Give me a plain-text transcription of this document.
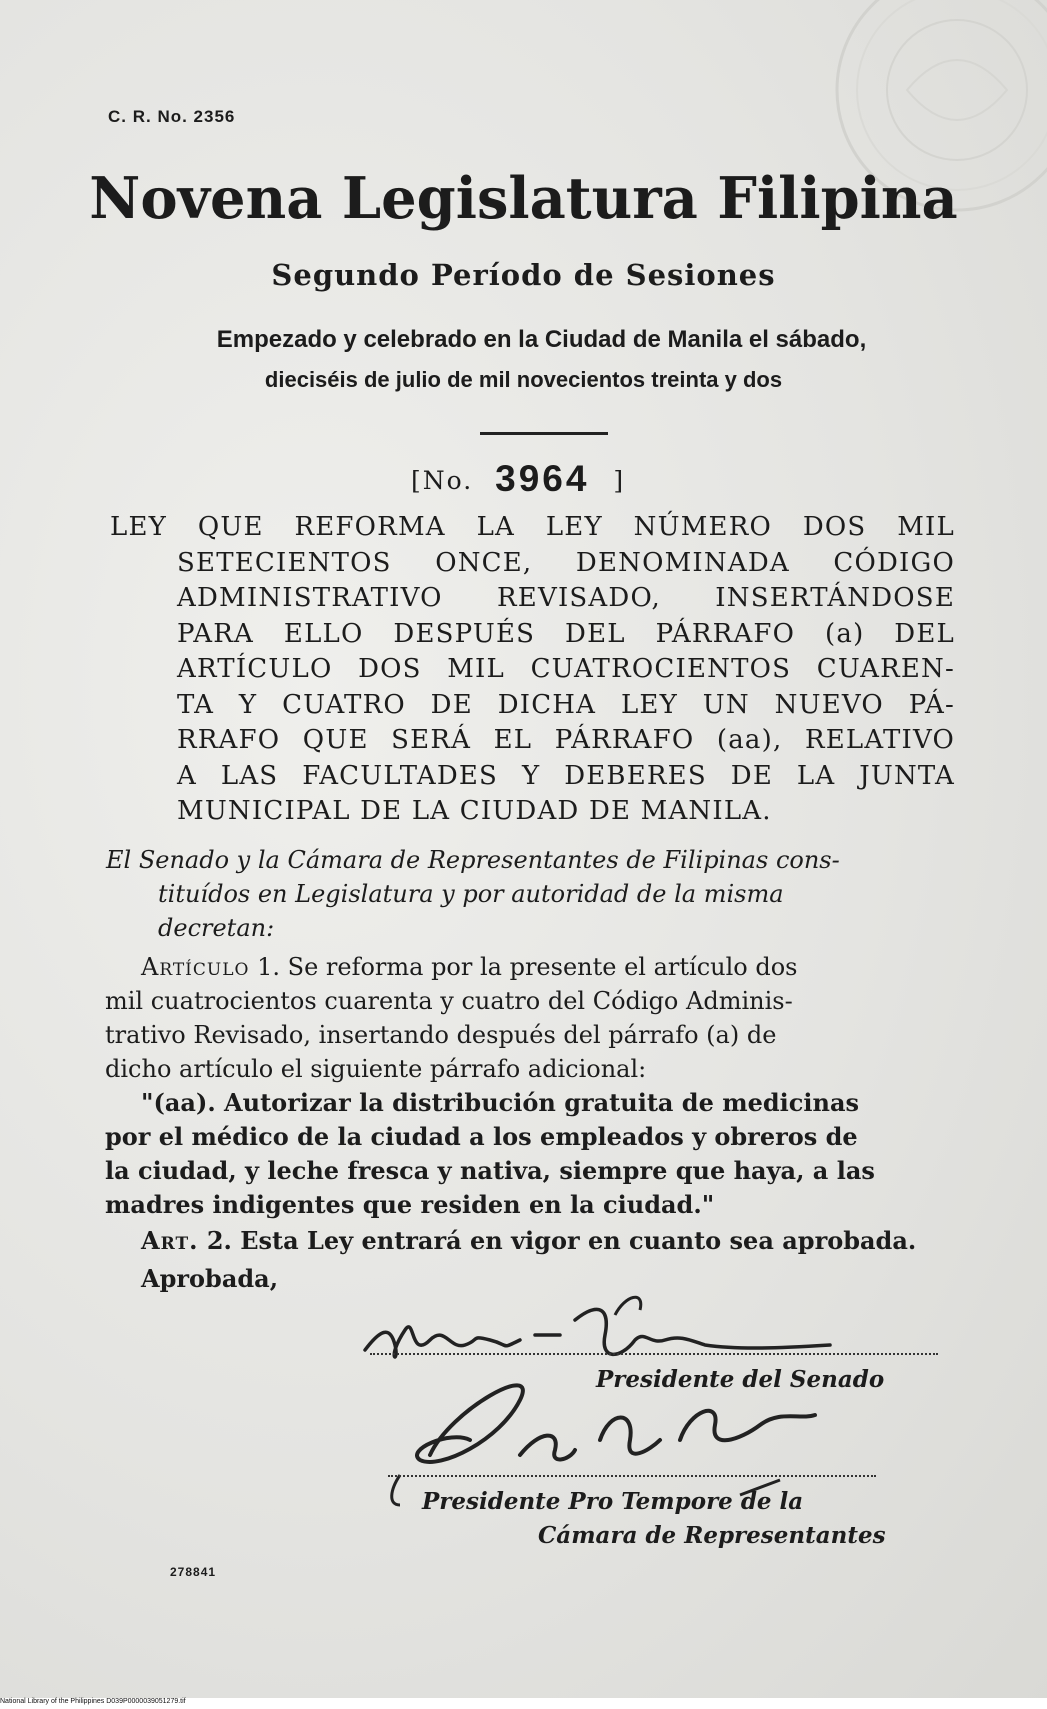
C. R. No. 2356
Novena Legislatura Filipina
Segundo Período de Sesiones
Empezado y celebrado en la Ciudad de Manila el sábado,
dieciséis de julio de mil novecientos treinta y dos
[No. 3964 ]
LEY QUE REFORMA LA LEY NÚMERO DOS MIL
SETECIENTOS ONCE, DENOMINADA CÓDIGO
ADMINISTRATIVO REVISADO, INSERTÁNDOSE
PARA ELLO DESPUÉS DEL PÁRRAFO (a) DEL
ARTÍCULO DOS MIL CUATROCIENTOS CUAREN-
TA Y CUATRO DE DICHA LEY UN NUEVO PÁ-
RRAFO QUE SERÁ EL PÁRRAFO (aa), RELATIVO
A LAS FACULTADES Y DEBERES DE LA JUNTA
MUNICIPAL DE LA CIUDAD DE MANILA.
El Senado y la Cámara de Representantes de Filipinas cons-
tituídos en Legislatura y por autoridad de la misma
decretan:
Artículo 1. Se reforma por la presente el artículo dos
mil cuatrocientos cuarenta y cuatro del Código Adminis-
trativo Revisado, insertando después del párrafo (a) de
dicho artículo el siguiente párrafo adicional:
"(aa). Autorizar la distribución gratuita de medicinas
por el médico de la ciudad a los empleados y obreros de
la ciudad, y leche fresca y nativa, siempre que haya, a las
madres indigentes que residen en la ciudad."
Art. 2. Esta Ley entrará en vigor en cuanto sea aprobada.
Aprobada,
Presidente del Senado
Presidente Pro Tempore de la
Cámara de Representantes
278841
National Library of the Philippines D039P0000039051279.tif
